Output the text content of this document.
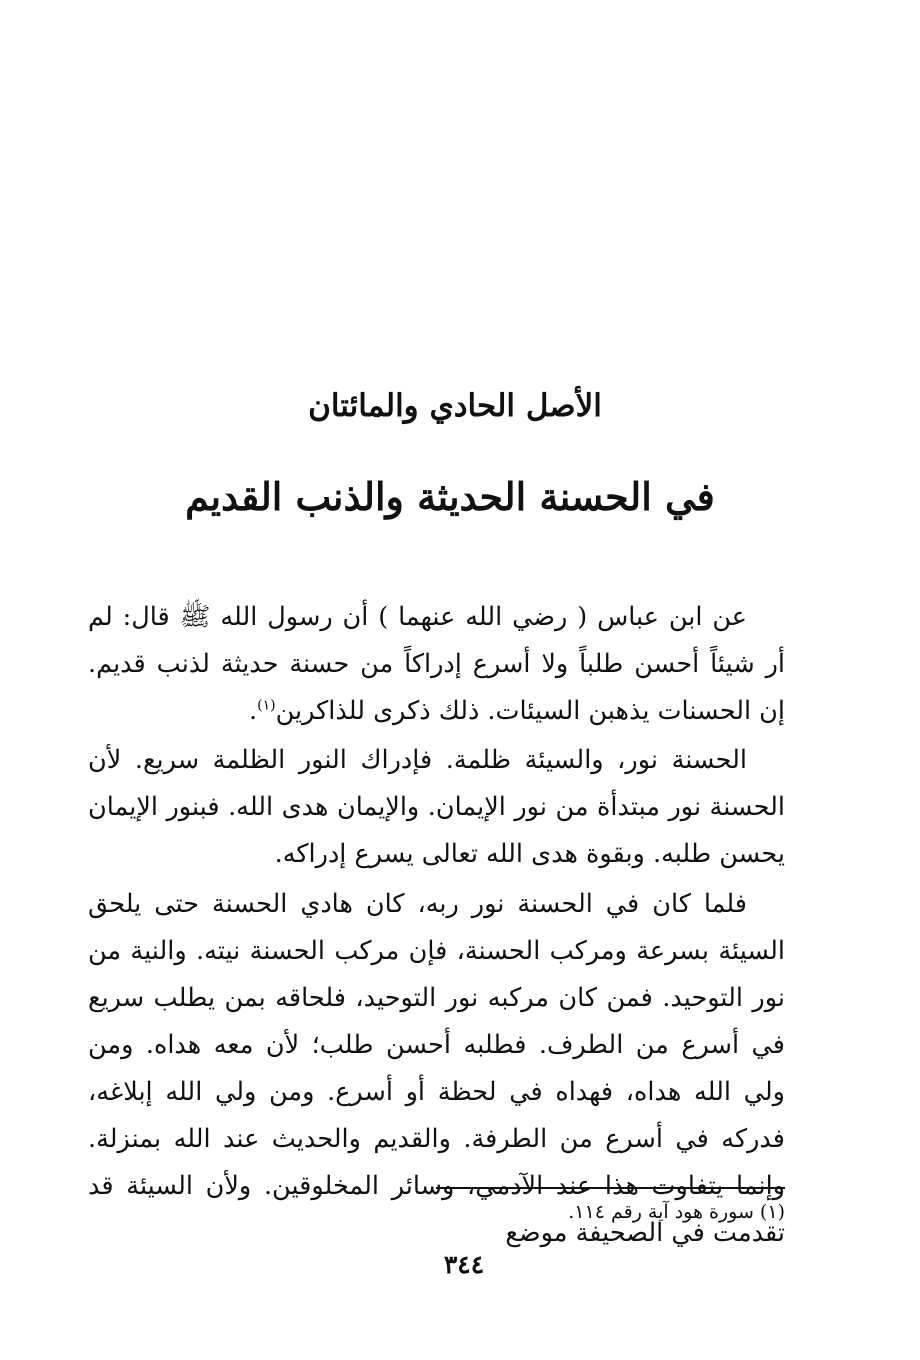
الأصل الحادي والمائتان
في الحسنة الحديثة والذنب القديم

عن ابن عباس ( رضي الله عنهما ) أن رسول الله ﷺ قال: لم أر شيئاً أحسن طلباً ولا أسرع إدراكاً من حسنة حديثة لذنب قديم. إن الحسنات يذهبن السيئات. ذلك ذكرى للذاكرين$^{(١)}$.

الحسنة نور، والسيئة ظلمة. فإدراك النور الظلمة سريع. لأن الحسنة نور مبتدأة من نور الإيمان. والإيمان هدى الله. فبنور الإيمان يحسن طلبه. وبقوة هدى الله تعالى يسرع إدراكه.

فلما كان في الحسنة نور ربه، كان هادي الحسنة حتى يلحق السيئة بسرعة ومركب الحسنة، فإن مركب الحسنة نيته. والنية من نور التوحيد. فمن كان مركبه نور التوحيد، فلحاقه بمن يطلب سريع في أسرع من الطرف. فطلبه أحسن طلب؛ لأن معه هداه. ومن ولي الله هداه، فهداه في لحظة أو أسرع. ومن ولي الله إبلاغه، فدركه في أسرع من الطرفة. والقديم والحديث عند الله بمنزلة. وإنما يتفاوت هذا عند الآدمي، وسائر المخلوقين. ولأن السيئة قد تقدمت في الصحيفة موضع

(١) سورة هود آية رقم ١١٤.
٣٤٤
